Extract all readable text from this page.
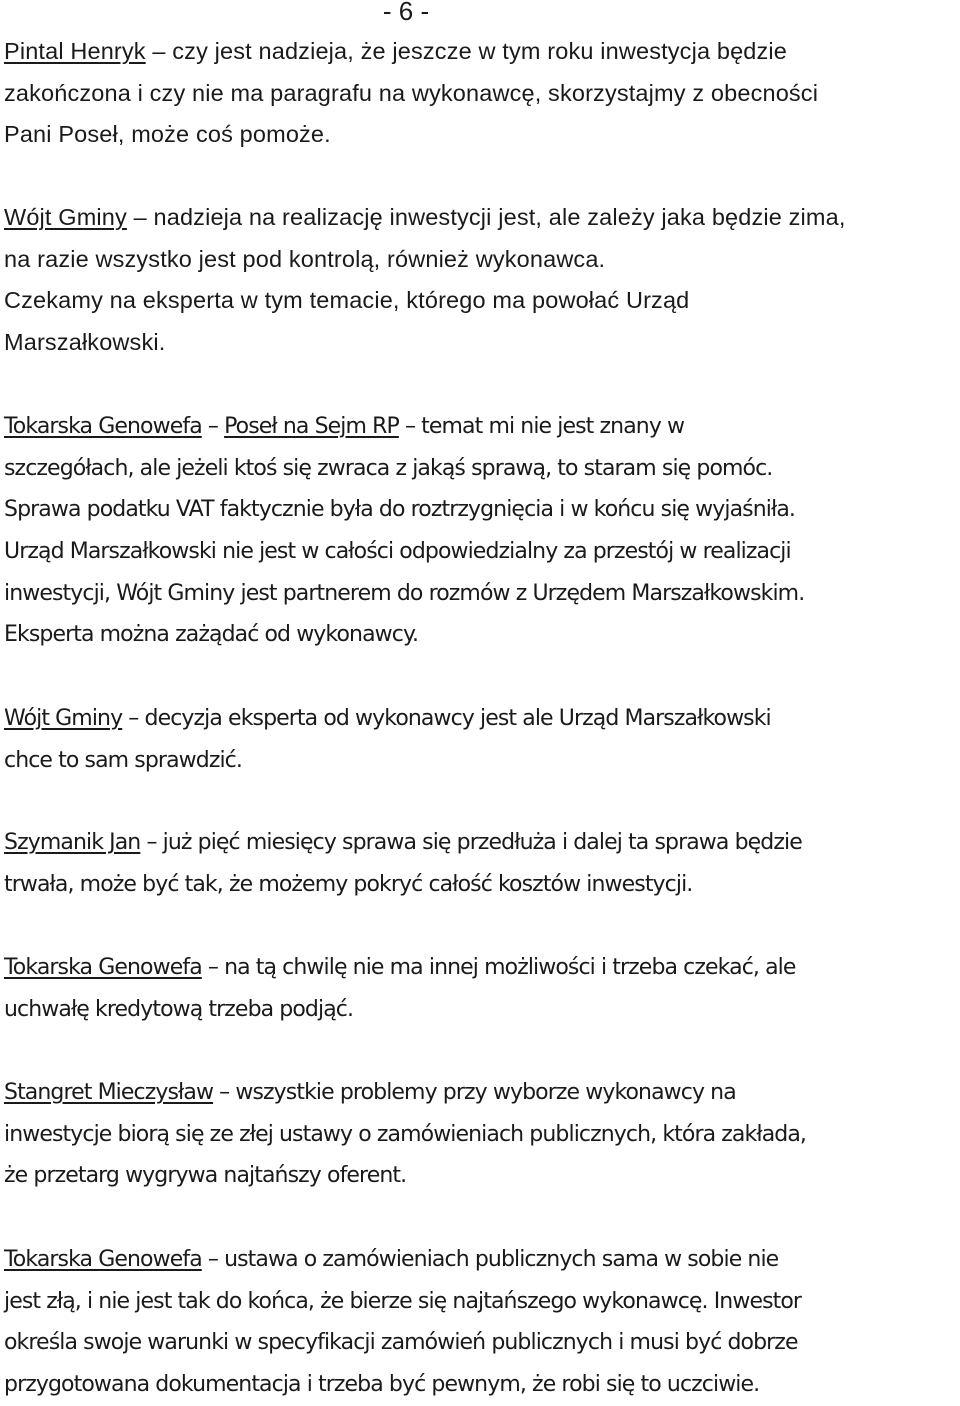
- 6 -
Pintal Henryk – czy jest nadzieja, że jeszcze w tym roku inwestycja będzie
zakończona i czy nie ma paragrafu na wykonawcę, skorzystajmy z obecności
Pani Poseł, może coś pomoże.
Wójt Gminy – nadzieja na realizację inwestycji jest, ale zależy jaka będzie zima,
na razie wszystko jest pod kontrolą, również wykonawca.
Czekamy na eksperta w tym temacie, którego ma powołać Urząd
Marszałkowski.
Tokarska Genowefa – Poseł na Sejm RP – temat mi nie jest znany w
szczegółach, ale jeżeli ktoś się zwraca z jakąś sprawą, to staram się pomóc.
Sprawa podatku VAT faktycznie była do roztrzygnięcia i w końcu się wyjaśniła.
Urząd Marszałkowski nie jest w całości odpowiedzialny za przestój w realizacji
inwestycji, Wójt Gminy jest partnerem do rozmów z Urzędem Marszałkowskim.
Eksperta można zażądać od wykonawcy.
Wójt Gminy – decyzja eksperta od wykonawcy jest ale Urząd Marszałkowski
chce to sam sprawdzić.
Szymanik Jan – już pięć miesięcy sprawa się przedłuża i dalej ta sprawa będzie
trwała, może być tak, że możemy pokryć całość kosztów inwestycji.
Tokarska Genowefa – na tą chwilę nie ma innej możliwości i trzeba czekać, ale
uchwałę kredytową trzeba podjąć.
Stangret Mieczysław – wszystkie problemy przy wyborze wykonawcy na
inwestycje biorą się ze złej ustawy o zamówieniach publicznych, która zakłada,
że przetarg wygrywa najtańszy oferent.
Tokarska Genowefa – ustawa o zamówieniach publicznych sama w sobie nie
jest złą, i nie jest tak do końca, że bierze się najtańszego wykonawcę. Inwestor
określa swoje warunki w specyfikacji zamówień publicznych i musi być dobrze
przygotowana dokumentacja i trzeba być pewnym, że robi się to uczciwie.
